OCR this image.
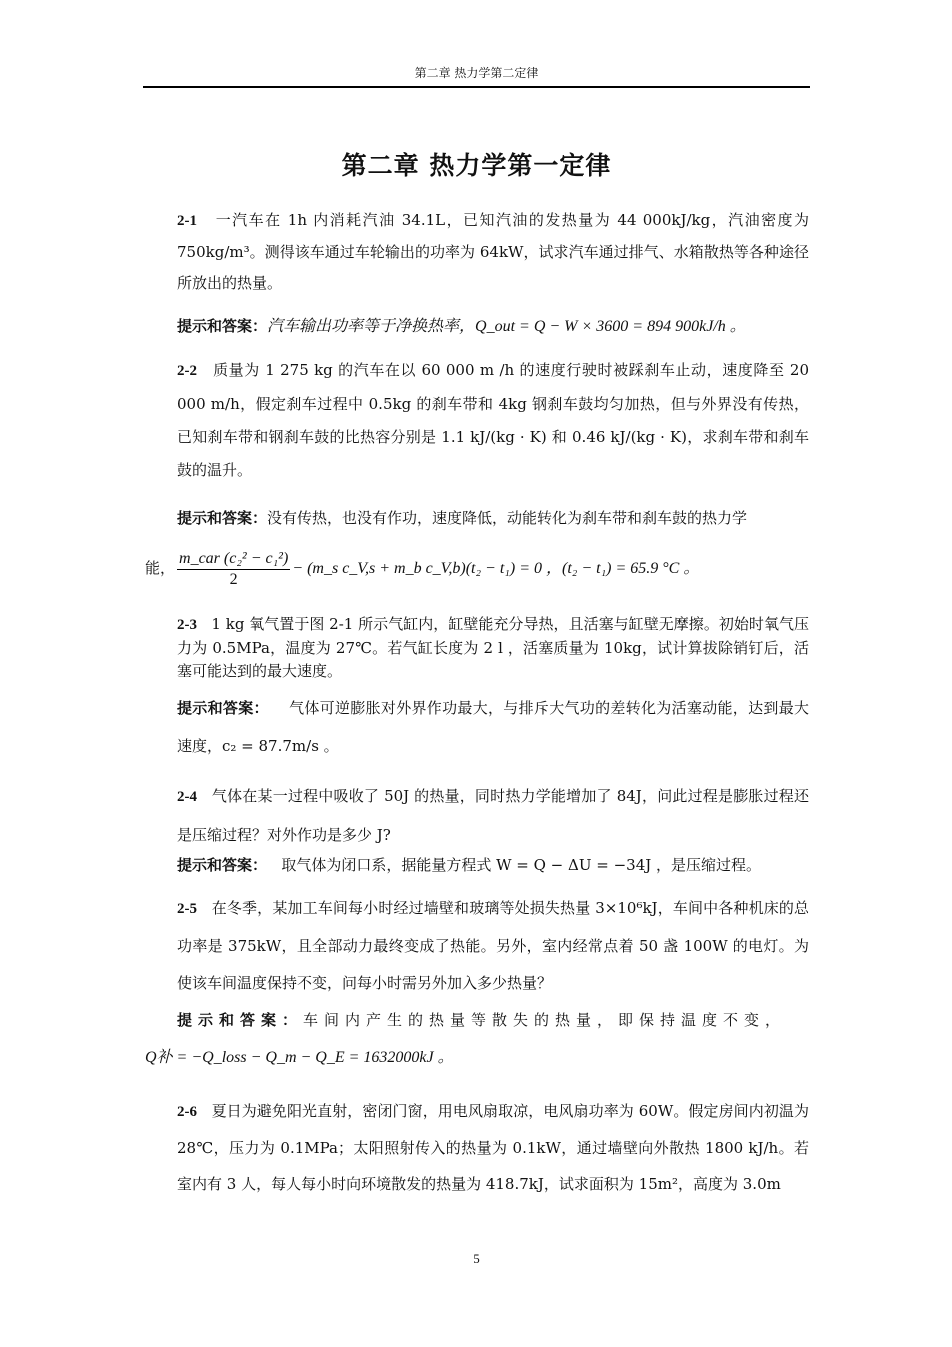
第二章 热力学第二定律
第二章 热力学第一定律

2-1 一汽车在 1h 内消耗汽油 34.1L，已知汽油的发热量为 44 000kJ/kg，汽油密度为 750kg/m³。测得该车通过车轮输出的功率为 64kW，试求汽车通过排气、水箱散热等各种途径所放出的热量。

提示和答案：汽车输出功率等于净换热率，Q_out = Q − W × 3600 = 894 900kJ/h 。

2-2 质量为 1 275 kg 的汽车在以 60 000 m /h 的速度行驶时被踩刹车止动，速度降至 20 000 m/h，假定刹车过程中 0.5kg 的刹车带和 4kg 钢刹车鼓均匀加热，但与外界没有传热，已知刹车带和钢刹车鼓的比热容分别是 1.1 kJ/(kg · K) 和 0.46 kJ/(kg · K)，求刹车带和刹车鼓的温升。

提示和答案：没有传热，也没有作功，速度降低，动能转化为刹车带和刹车鼓的热力学

能， $\frac{\text{m\_car (c₂² − c₁²)}}{2}$ − (m_s c_V,s + m_b c_V,b)(t₂ − t₁) = 0 ，(t₂ − t₁) = 65.9 °C 。

2-3 1 kg 氧气置于图 2-1 所示气缸内，缸壁能充分导热，且活塞与缸壁无摩擦。初始时氧气压力为 0.5MPa，温度为 27℃。若气缸长度为 2 l ，活塞质量为 10kg，试计算拔除销钉后，活塞可能达到的最大速度。

提示和答案： 气体可逆膨胀对外界作功最大，与排斥大气功的差转化为活塞动能，达到最大速度，c₂ = 87.7m/s 。

2-4 气体在某一过程中吸收了 50J 的热量，同时热力学能增加了 84J，问此过程是膨胀过程还是压缩过程？对外作功是多少 J?

提示和答案： 取气体为闭口系，据能量方程式 W = Q − ΔU = −34J ，是压缩过程。

2-5 在冬季，某加工车间每小时经过墙壁和玻璃等处损失热量 3×10⁶kJ，车间中各种机床的总功率是 375kW，且全部动力最终变成了热能。另外，室内经常点着 50 盏 100W 的电灯。为使该车间温度保持不变，问每小时需另外加入多少热量？

提示和答案：车间内产生的热量等散失的热量，即保持温度不变，

Q补 = −Q_loss − Q_m − Q_E = 1632000kJ 。

2-6 夏日为避免阳光直射，密闭门窗，用电风扇取凉，电风扇功率为 60W。假定房间内初温为 28℃，压力为 0.1MPa；太阳照射传入的热量为 0.1kW，通过墙壁向外散热 1800 kJ/h。若室内有 3 人，每人每小时向环境散发的热量为 418.7kJ，试求面积为 15m²，高度为 3.0m

5
